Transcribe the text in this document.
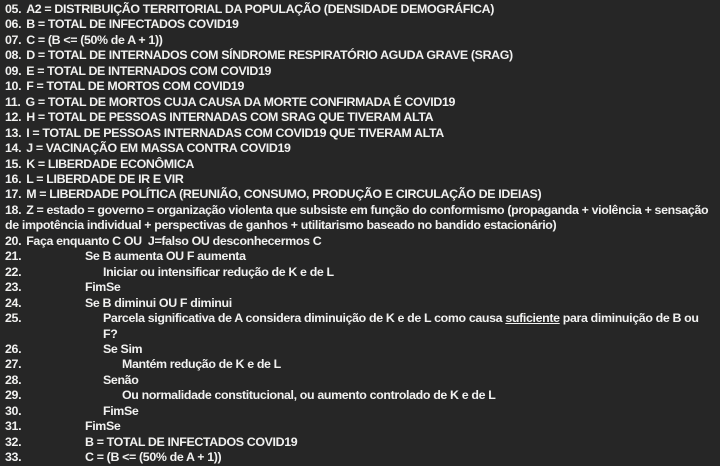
05. A2 = DISTRIBUIÇÃO TERRITORIAL DA POPULAÇÃO (DENSIDADE DEMOGRÁFICA)
06. B = TOTAL DE INFECTADOS COVID19
07. C = (B <= (50% de A + 1))
08. D = TOTAL DE INTERNADOS COM SÍNDROME RESPIRATÓRIO AGUDA GRAVE (SRAG)
09. E = TOTAL DE INTERNADOS COM COVID19
10. F = TOTAL DE MORTOS COM COVID19
11. G = TOTAL DE MORTOS CUJA CAUSA DA MORTE CONFIRMADA É COVID19
12. H = TOTAL DE PESSOAS INTERNADAS COM SRAG QUE TIVERAM ALTA
13. I = TOTAL DE PESSOAS INTERNADAS COM COVID19 QUE TIVERAM ALTA
14. J = VACINAÇÃO EM MASSA CONTRA COVID19
15. K = LIBERDADE ECONÔMICA
16. L = LIBERDADE DE IR E VIR
17. M = LIBERDADE POLÍTICA (REUNIÃO, CONSUMO, PRODUÇÃO E CIRCULAÇÃO DE IDEIAS)
18. Z = estado = governo = organização violenta que subsiste em função do conformismo (propaganda + violência + sensação de impotência individual + perspectivas de ganhos + utilitarismo baseado no bandido estacionário)
20. Faça enquanto C OU  J=falso OU desconhecermos C
21.	Se B aumenta OU F aumenta
22.	Iniciar ou intensificar redução de K e de L
23.	FimSe
24.	Se B diminui OU F diminui
25.	Parcela significativa de A considera diminuição de K e de L como causa suficiente para diminuição de B ou F?
26.	Se Sim
27.	Mantém redução de K e de L
28.	Senão
29.	Ou normalidade constitucional, ou aumento controlado de K e de L
30.	FimSe
31.	FimSe
32.	B = TOTAL DE INFECTADOS COVID19
33.	C = (B <= (50% de A + 1))
